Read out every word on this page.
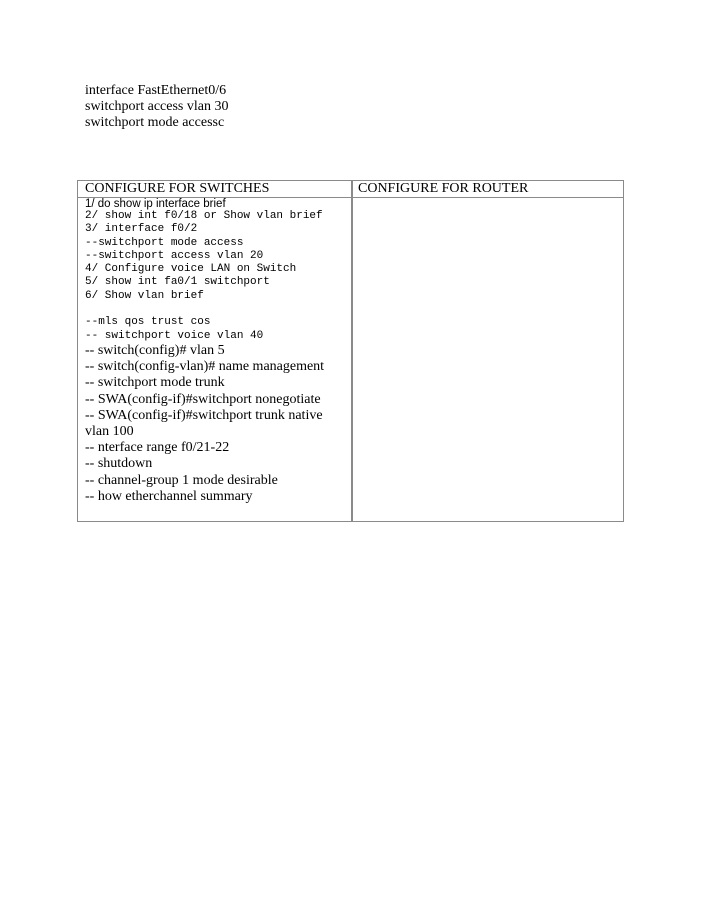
interface FastEthernet0/6
switchport access vlan 30
switchport mode accessc
CONFIGURE FOR SWITCHES	CONFIGURE FOR ROUTER
1/ do show ip interface brief
2/ show int f0/18 or Show vlan brief
3/ interface f0/2
--switchport mode access
--switchport access vlan 20
4/ Configure voice LAN on Switch
5/ show int fa0/1 switchport
6/ Show vlan brief
--mls qos trust cos
-- switchport voice vlan 40
-- switch(config)# vlan 5
-- switch(config-vlan)# name management
-- switchport mode trunk
-- SWA(config-if)#switchport nonegotiate
-- SWA(config-if)#switchport trunk native vlan 100
-- nterface range f0/21-22
-- shutdown
-- channel-group 1 mode desirable
-- how etherchannel summary
